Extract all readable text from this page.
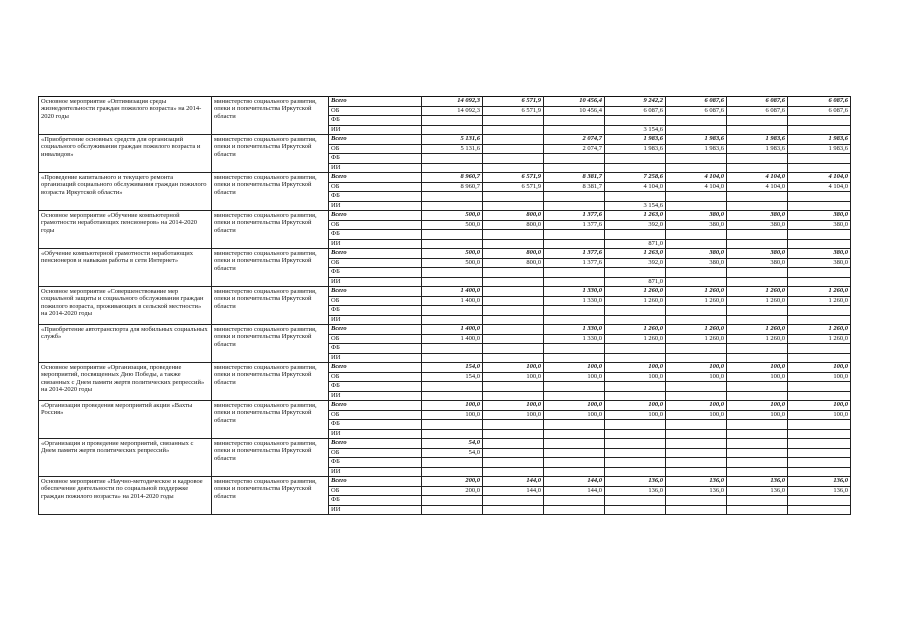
Основное мероприятие «Оптимизация среды жизнедеятельности граждан пожилого возраста» на 2014-2020 годы	министерство социального развития, опеки и попечительства Иркутской области	Всего	14 092,3	6 571,9	10 456,4	9 242,2	6 087,6	6 087,6	6 087,6
		ОБ	14 092,3	6 571,9	10 456,4	6 087,6	6 087,6	6 087,6	6 087,6
		ФБ							
		ИИ				3 154,6			
«Приобретение основных средств для организаций социального обслуживания граждан пожилого возраста и инвалидов»	министерство социального развития, опеки и попечительства Иркутской области	Всего	5 131,6		2 074,7	1 983,6	1 983,6	1 983,6	1 983,6
		ОБ	5 131,6		2 074,7	1 983,6	1 983,6	1 983,6	1 983,6
		ФБ							
		ИИ							
«Проведение капитального и текущего ремонта организаций социального обслуживания граждан пожилого возраста Иркутской области»	министерство социального развития, опеки и попечительства Иркутской области	Всего	8 960,7	6 571,9	8 381,7	7 258,6	4 104,0	4 104,0	4 104,0
		ОБ	8 960,7	6 571,9	8 381,7	4 104,0	4 104,0	4 104,0	4 104,0
		ФБ							
		ИИ				3 154,6			
Основное мероприятие «Обучение компьютерной грамотности неработающих пенсионеров» на 2014-2020 годы	министерство социального развития, опеки и попечительства Иркутской области	Всего	500,0	800,0	1 377,6	1 263,0	380,0	380,0	380,0
		ОБ	500,0	800,0	1 377,6	392,0	380,0	380,0	380,0
		ФБ							
		ИИ				871,0			
«Обучение компьютерной грамотности неработающих пенсионеров и навыкам работы в сети Интернет»	министерство социального развития, опеки и попечительства Иркутской области	Всего	500,0	800,0	1 377,6	1 263,0	380,0	380,0	380,0
		ОБ	500,0	800,0	1 377,6	392,0	380,0	380,0	380,0
		ФБ							
		ИИ				871,0			
Основное мероприятие «Совершенствование мер социальной защиты и социального обслуживания граждан пожилого возраста, проживающих в сельской местности» на 2014-2020 годы	министерство социального развития, опеки и попечительства Иркутской области	Всего	1 400,0		1 330,0	1 260,0	1 260,0	1 260,0	1 260,0
		ОБ	1 400,0		1 330,0	1 260,0	1 260,0	1 260,0	1 260,0
		ФБ							
		ИИ							
«Приобретение автотранспорта для мобильных социальных служб»	министерство социального развития, опеки и попечительства Иркутской области	Всего	1 400,0		1 330,0	1 260,0	1 260,0	1 260,0	1 260,0
		ОБ	1 400,0		1 330,0	1 260,0	1 260,0	1 260,0	1 260,0
		ФБ							
		ИИ							
Основное мероприятие «Организация, проведение мероприятий, посвященных Дню Победы, а также связанных с Днем памяти жертв политических репрессий» на 2014-2020 годы	министерство социального развития, опеки и попечительства Иркутской области	Всего	154,0	100,0	100,0	100,0	100,0	100,0	100,0
		ОБ	154,0	100,0	100,0	100,0	100,0	100,0	100,0
		ФБ							
		ИИ							
«Организация проведения мероприятий акции «Вахты Россия»	министерство социального развития, опеки и попечительства Иркутской области	Всего	100,0	100,0	100,0	100,0	100,0	100,0	100,0
		ОБ	100,0	100,0	100,0	100,0	100,0	100,0	100,0
		ФБ							
		ИИ							
«Организация и проведение мероприятий, связанных с Днем памяти жертв политических репрессий»	министерство социального развития, опеки и попечительства Иркутской области	Всего	54,0						
		ОБ	54,0						
		ФБ							
		ИИ							
Основное мероприятие «Научно-методическое и кадровое обеспечение деятельности по социальной поддержке граждан пожилого возраста» на 2014-2020 годы	министерство социального развития, опеки и попечительства Иркутской области	Всего	200,0	144,0	144,0	136,0	136,0	136,0	136,0
		ОБ	200,0	144,0	144,0	136,0	136,0	136,0	136,0
		ФБ							
		ИИ							
